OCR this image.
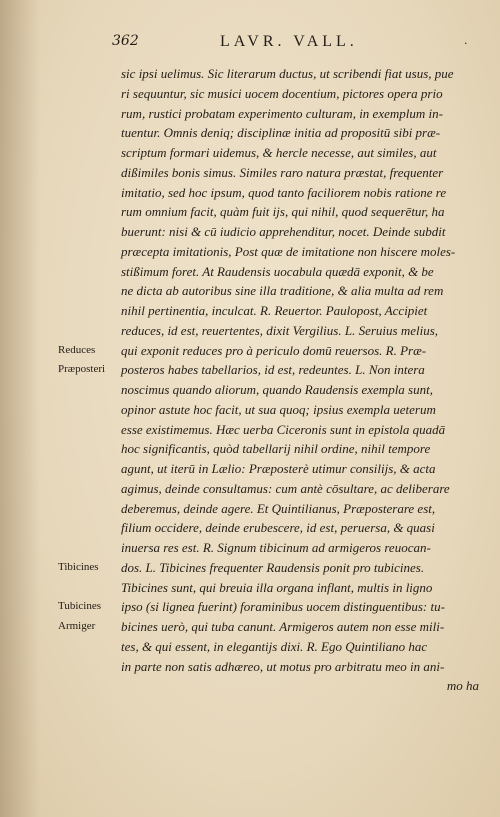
362	LAVR. VALL.	·
sic ipsi uelimus. Sic literarum ductus, ut scribendi fiat usus, pue
ri sequuntur, sic musici uocem docentium, pictores opera prio
rum, rustici probatam experimento culturam, in exemplum in-
tuentur. Omnis deniq; disciplinæ initia ad propositū sibi præ-
scriptum formari uidemus, & hercle necesse, aut similes, aut
dißimiles bonis simus. Similes raro natura præstat, frequenter
imitatio, sed hoc ipsum, quod tanto faciliorem nobis ratione re
rum omnium facit, quàm fuit ijs, qui nihil, quod sequerētur, ha
buerunt: nisi & cū iudicio apprehenditur, nocet. Deinde subdit
præcepta imitationis, Post quæ de imitatione non hiscere moles-
stißimum foret. At Raudensis uocabula quædā exponit, & be
ne dicta ab autoribus sine illa traditione, & alia multa ad rem
nihil pertinentia, inculcat. R. Reuertor. Paulopost, Accipiet
reduces, id est, reuertentes, dixit Vergilius. L. Seruius melius,
qui exponit reduces pro à periculo domū reuersos. R. Præ-
posteros habes tabellarios, id est, redeuntes. L. Non intera
noscimus quando aliorum, quando Raudensis exempla sunt,
opinor astute hoc facit, ut sua quoq; ipsius exempla ueterum
esse existimemus. Hæc uerba Ciceronis sunt in epistola quadā
hoc significantis, quòd tabellarij nihil ordine, nihil tempore
agunt, ut iterū in Lælio: Præposterè utimur consilijs, & acta
agimus, deinde consultamus: cum antè cōsultare, ac deliberare
deberemus, deinde agere. Et Quintilianus, Præposterare est,
filium occidere, deinde erubescere, id est, peruersa, & quasi
inuersa res est. R. Signum tibicinum ad armigeros reuocan-
dos. L. Tibicines frequenter Raudensis ponit pro tubicines.
Tibicines sunt, qui breuia illa organa inflant, multis in ligno
ipso (si lignea fuerint) foraminibus uocem distinguentibus: tu-
bicines uerò, qui tuba canunt. Armigeros autem non esse mili-
tes, & qui essent, in elegantijs dixi. R. Ego Quintiliano hac
in parte non satis adhæreo, ut motus pro arbitratu meo in ani-
mo ha
Reduces
Præposteri
Tibicines
Tubicines
Armiger
